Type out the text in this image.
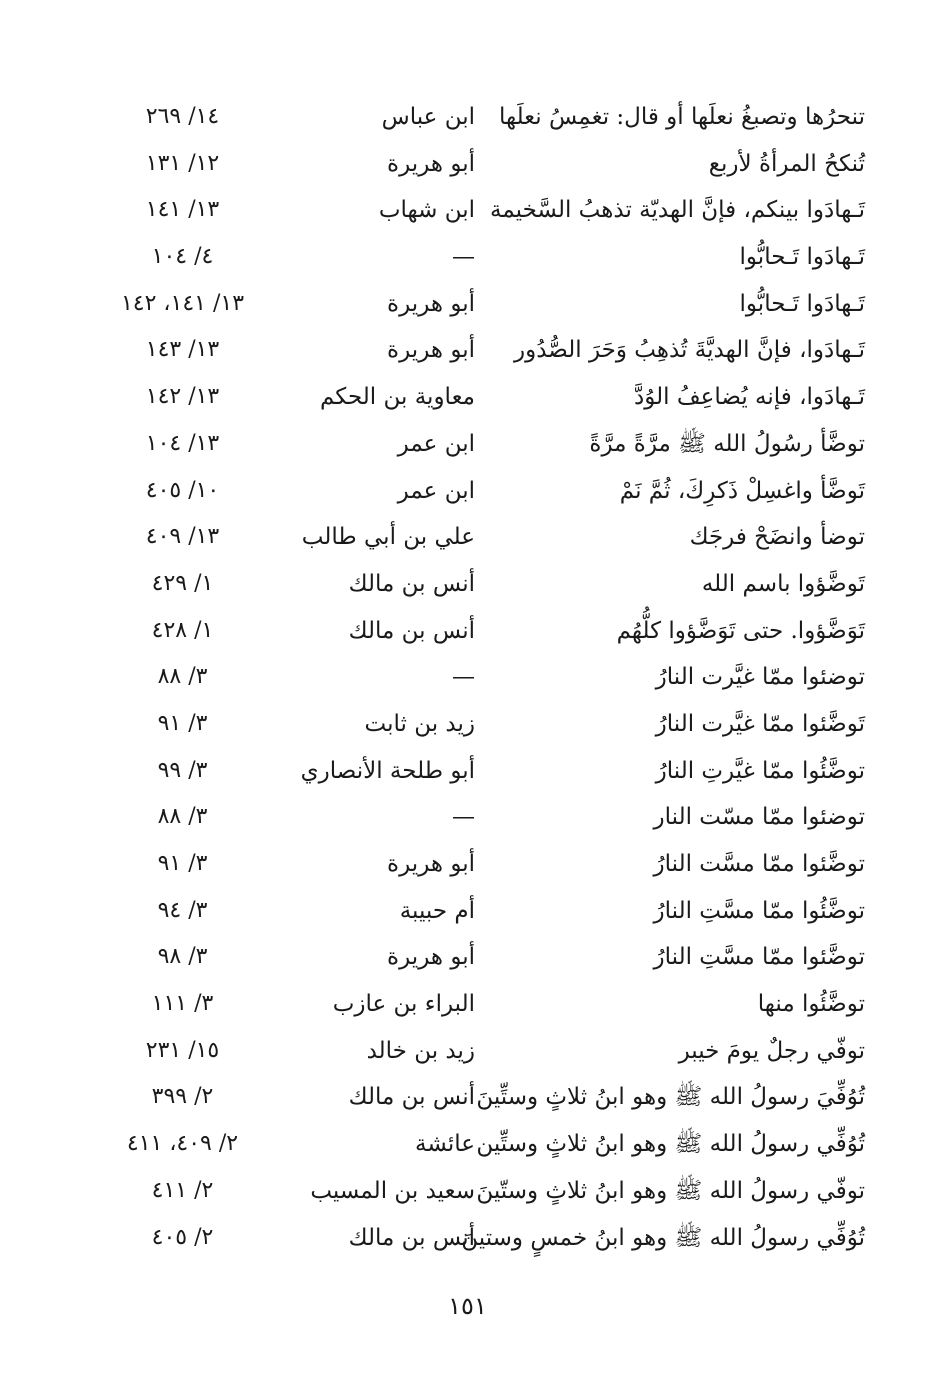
تنحرُها وتصبغُ نعلَها أو قال: تغمِسُ نعلَها
ابن عباس
١٤/ ٢٦٩
تُنكحُ المرأةُ لأربع
أبو هريرة
١٢/ ١٣١
تَـهادَوا بينكم، فإنَّ الهديّة تذهبُ السَّخيمة
ابن شهاب
١٣/ ١٤١
تَـهادَوا تَـحابُّوا
—
٤/ ١٠٤
تَـهادَوا تَـحابُّوا
أبو هريرة
١٣/ ١٤١، ١٤٢
تَـهادَوا، فإنَّ الهديَّةَ تُذهِبُ وَحَرَ الصُّدُور
أبو هريرة
١٣/ ١٤٣
تَـهادَوا، فإنه يُضاعِفُ الوُدَّ
معاوية بن الحكم
١٣/ ١٤٢
توضَّأ رسُولُ الله ﷺ مرَّةً مرَّةً
ابن عمر
١٣/ ١٠٤
تَوضَّأ واغسِلْ ذَكرِكَ، ثُمَّ نَمْ
ابن عمر
١٠/ ٤٠٥
توضأ وانضَحْ فرجَك
علي بن أبي طالب
١٣/ ٤٠٩
تَوضَّؤوا باسم الله
أنس بن مالك
١/ ٤٢٩
تَوَضَّؤوا. حتى تَوَضَّؤوا كلُّهُم
أنس بن مالك
١/ ٤٢٨
توضئوا ممّا غيَّرت النارُ
—
٣/ ٨٨
تَوضَّئوا ممّا غيَّرت النارُ
زيد بن ثابت
٣/ ٩١
توضَّئُوا ممّا غيَّرتِ النارُ
أبو طلحة الأنصاري
٣/ ٩٩
توضئوا ممّا مسّت النار
—
٣/ ٨٨
توضَّئوا ممّا مسَّت النارُ
أبو هريرة
٣/ ٩١
توضَّئُوا ممّا مسَّتِ النارُ
أم حبيبة
٣/ ٩٤
توضَّئوا ممّا مسَّتِ النارُ
أبو هريرة
٣/ ٩٨
توضَّئُوا منها
البراء بن عازب
٣/ ١١١
توفّي رجلٌ يومَ خيبر
زيد بن خالد
١٥/ ٢٣١
تُوُفِّيَ رسولُ الله ﷺ وهو ابنُ ثلاثٍ وستِّينَ
أنس بن مالك
٢/ ٣٩٩
تُوُفِّي رسولُ الله ﷺ وهو ابنُ ثلاثٍ وستِّين
عائشة
٢/ ٤٠٩، ٤١١
توفّي رسولُ الله ﷺ وهو ابنُ ثلاثٍ وستّينَ
سعيد بن المسيب
٢/ ٤١١
تُوُفِّي رسولُ الله ﷺ وهو ابنُ خمسٍ وستينَ
أنس بن مالك
٢/ ٤٠٥
١٥١
